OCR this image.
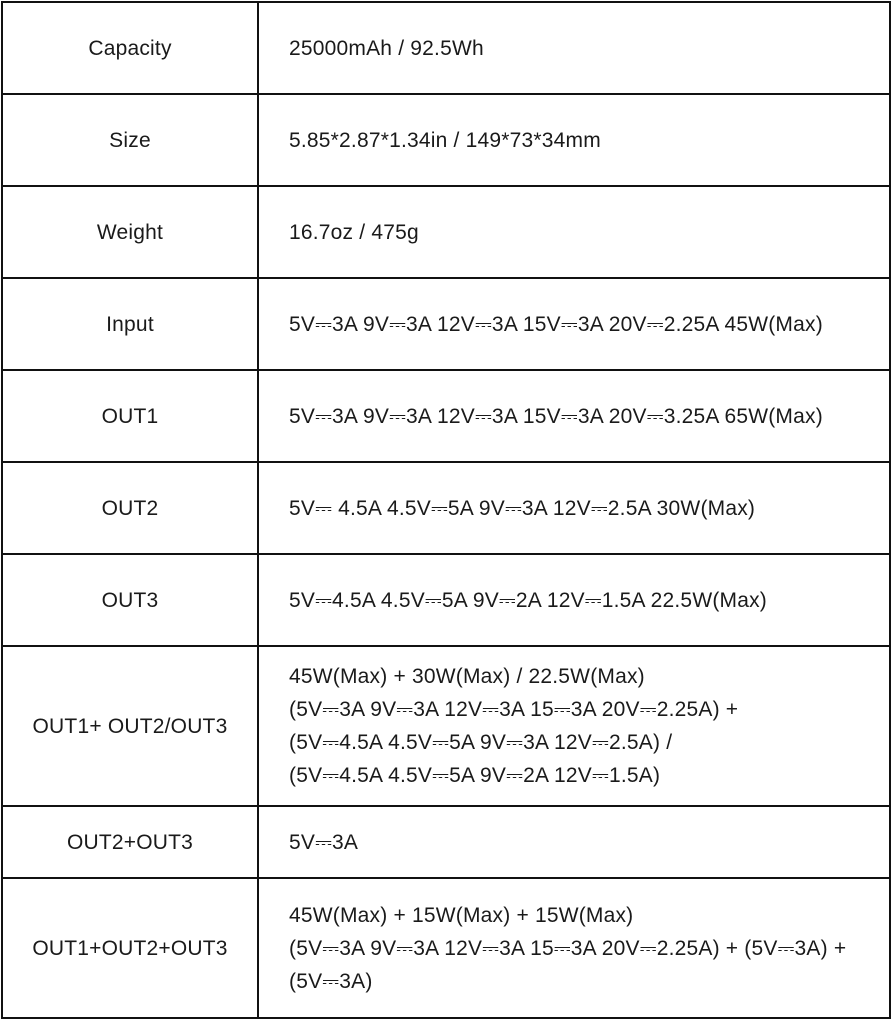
Capacity	25000mAh / 92.5Wh

Size	5.85*2.87*1.34in / 149*73*34mm

Weight	16.7oz / 475g

Input	5V⎓3A 9V⎓3A 12V⎓3A 15V⎓3A 20V⎓2.25A 45W(Max)

OUT1	5V⎓3A 9V⎓3A 12V⎓3A 15V⎓3A 20V⎓3.25A 65W(Max)

OUT2	5V⎓ 4.5A 4.5V⎓5A 9V⎓3A 12V⎓2.5A 30W(Max)

OUT3	5V⎓4.5A 4.5V⎓5A 9V⎓2A 12V⎓1.5A 22.5W(Max)

OUT1+ OUT2/OUT3	45W(Max) + 30W(Max) / 22.5W(Max)
(5V⎓3A 9V⎓3A 12V⎓3A 15⎓3A 20V⎓2.25A) +
(5V⎓4.5A 4.5V⎓5A 9V⎓3A 12V⎓2.5A) /
(5V⎓4.5A 4.5V⎓5A 9V⎓2A 12V⎓1.5A)

OUT2+OUT3	5V⎓3A

OUT1+OUT2+OUT3	45W(Max) + 15W(Max) + 15W(Max)
(5V⎓3A 9V⎓3A 12V⎓3A 15⎓3A 20V⎓2.25A) + (5V⎓3A) +
(5V⎓3A)
